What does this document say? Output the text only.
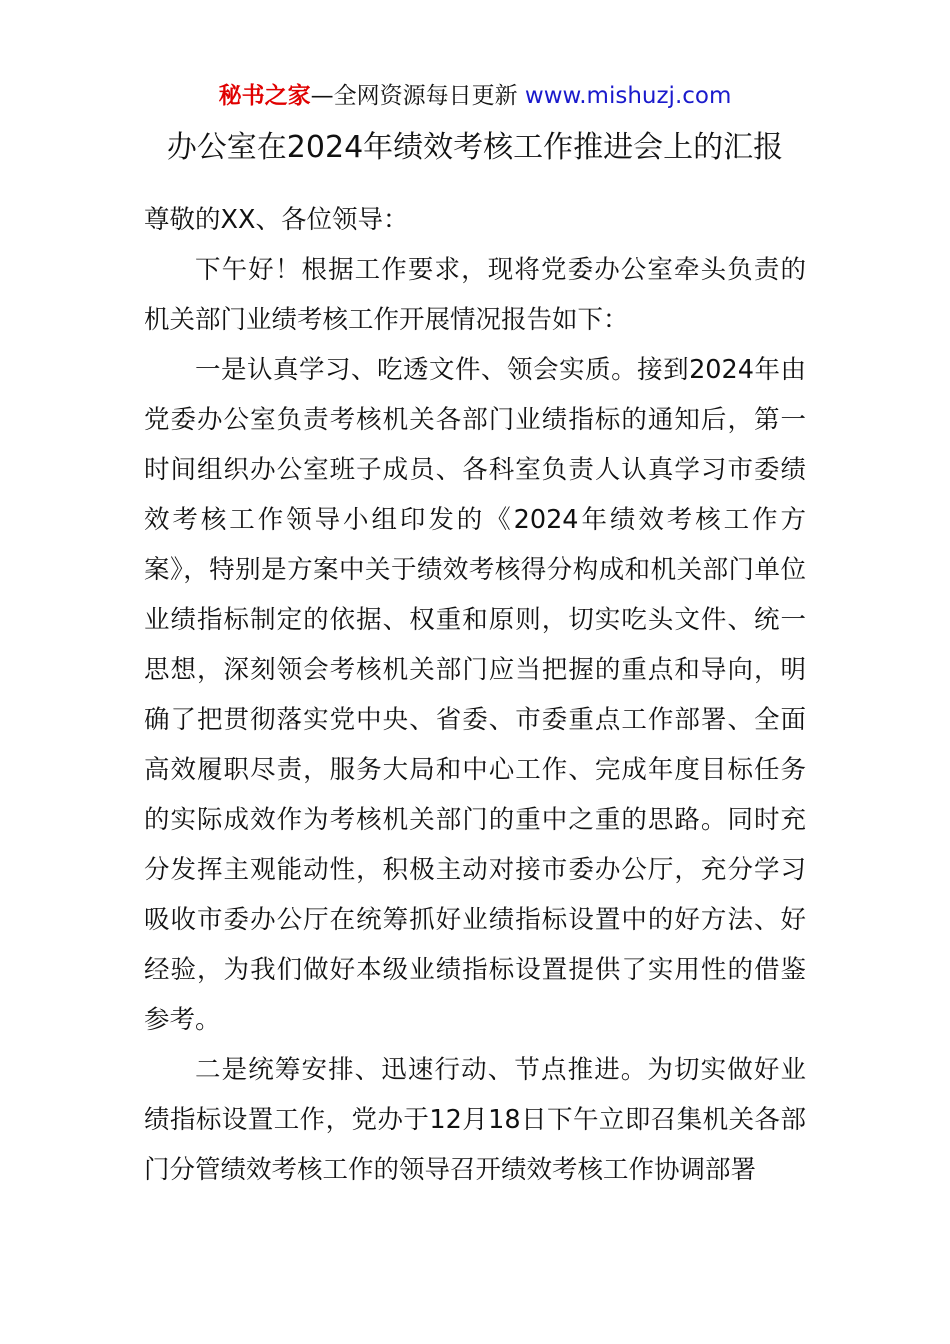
秘书之家—全网资源每日更新 www.mishuzj.com
办公室在2024年绩效考核工作推进会上的汇报

尊敬的XX、各位领导：

下午好！根据工作要求，现将党委办公室牵头负责的机关部门业绩考核工作开展情况报告如下：

一是认真学习、吃透文件、领会实质。接到2024年由党委办公室负责考核机关各部门业绩指标的通知后，第一时间组织办公室班子成员、各科室负责人认真学习市委绩效考核工作领导小组印发的《2024年绩效考核工作方案》，特别是方案中关于绩效考核得分构成和机关部门单位业绩指标制定的依据、权重和原则，切实吃头文件、统一思想，深刻领会考核机关部门应当把握的重点和导向，明确了把贯彻落实党中央、省委、市委重点工作部署、全面高效履职尽责，服务大局和中心工作、完成年度目标任务的实际成效作为考核机关部门的重中之重的思路。同时充分发挥主观能动性，积极主动对接市委办公厅，充分学习吸收市委办公厅在统筹抓好业绩指标设置中的好方法、好经验，为我们做好本级业绩指标设置提供了实用性的借鉴参考。

二是统筹安排、迅速行动、节点推进。为切实做好业绩指标设置工作，党办于12月18日下午立即召集机关各部门分管绩效考核工作的领导召开绩效考核工作协调部署
